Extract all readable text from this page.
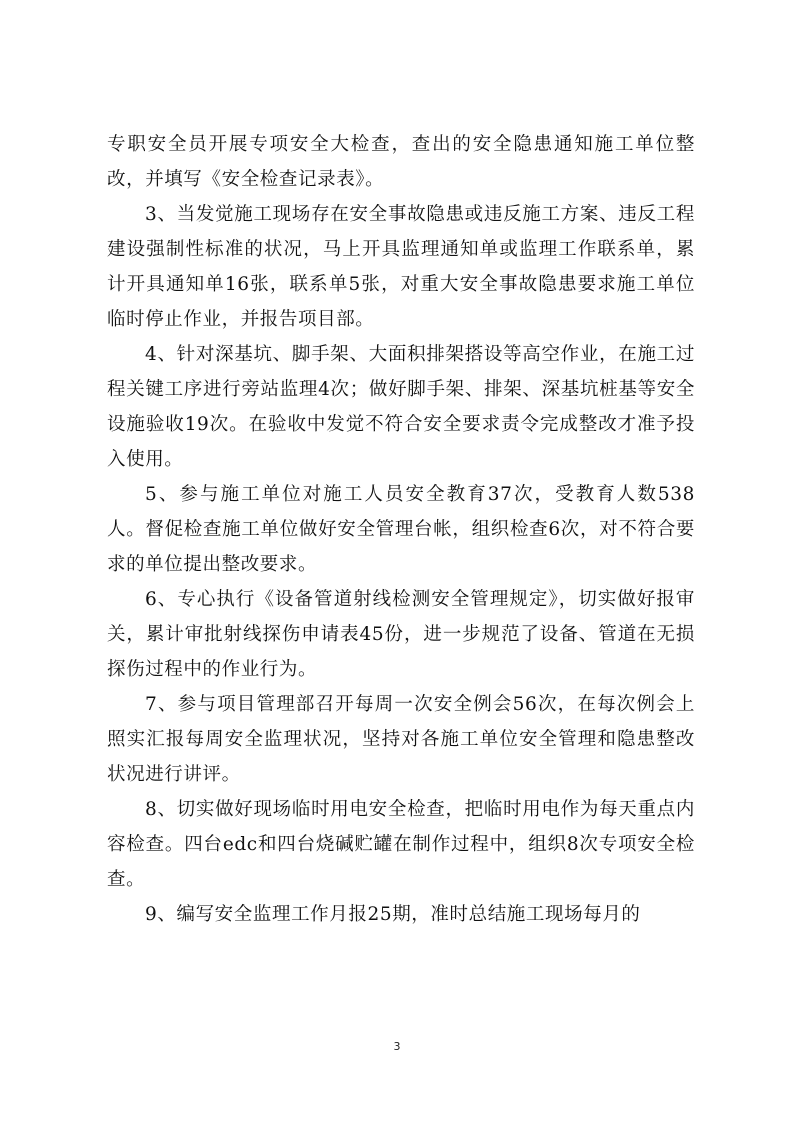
专职安全员开展专项安全大检查，查出的安全隐患通知施工单位整改，并填写《安全检查记录表》。

3、当发觉施工现场存在安全事故隐患或违反施工方案、违反工程建设强制性标准的状况，马上开具监理通知单或监理工作联系单，累计开具通知单16张，联系单5张，对重大安全事故隐患要求施工单位临时停止作业，并报告项目部。

4、针对深基坑、脚手架、大面积排架搭设等高空作业，在施工过程关键工序进行旁站监理4次；做好脚手架、排架、深基坑桩基等安全设施验收19次。在验收中发觉不符合安全要求责令完成整改才准予投入使用。

5、参与施工单位对施工人员安全教育37次，受教育人数538人。督促检查施工单位做好安全管理台帐，组织检查6次，对不符合要求的单位提出整改要求。

6、专心执行《设备管道射线检测安全管理规定》，切实做好报审关，累计审批射线探伤申请表45份，进一步规范了设备、管道在无损探伤过程中的作业行为。

7、参与项目管理部召开每周一次安全例会56次，在每次例会上照实汇报每周安全监理状况，坚持对各施工单位安全管理和隐患整改状况进行讲评。

8、切实做好现场临时用电安全检查，把临时用电作为每天重点内容检查。四台edc和四台烧碱贮罐在制作过程中，组织8次专项安全检查。

9、编写安全监理工作月报25期，准时总结施工现场每月的

3
